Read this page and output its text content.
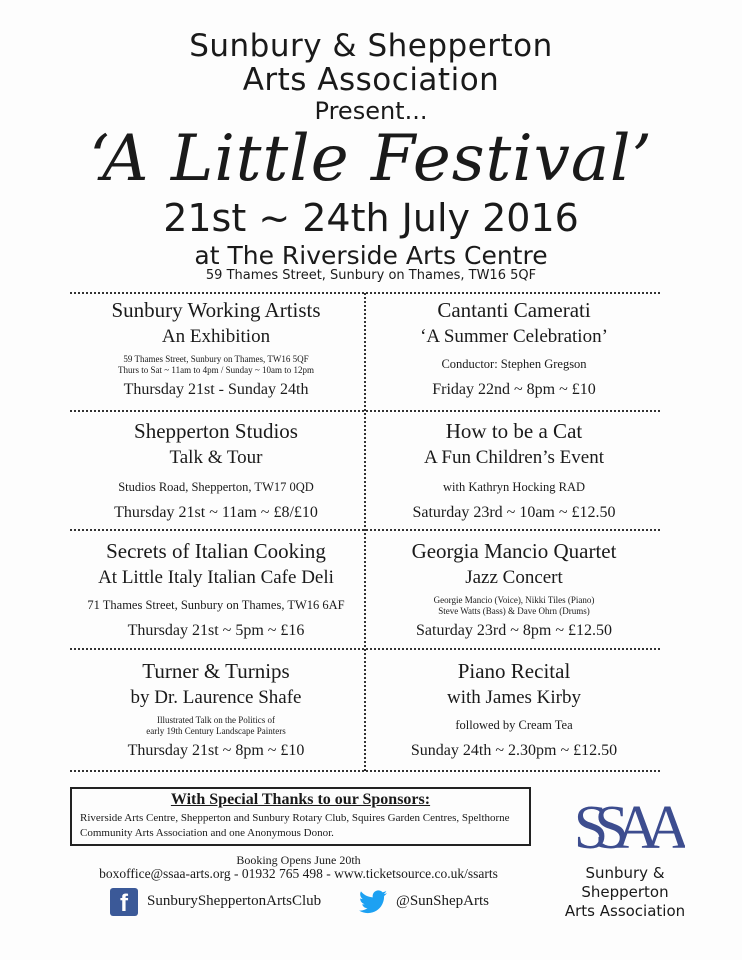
Sunbury & Shepperton
Arts Association
Present...
‘A Little Festival’
21st ~ 24th July 2016
at The Riverside Arts Centre
59 Thames Street, Sunbury on Thames, TW16 5QF
Sunbury Working Artists
An Exhibition
59 Thames Street, Sunbury on Thames, TW16 5QF
Thurs to Sat ~ 11am to 4pm / Sunday ~ 10am to 12pm
Thursday 21st - Sunday 24th
Cantanti Camerati
‘A Summer Celebration’
Conductor: Stephen Gregson
Friday 22nd ~ 8pm ~ £10
Shepperton Studios
Talk & Tour
Studios Road, Shepperton, TW17 0QD
Thursday 21st ~ 11am ~ £8/£10
How to be a Cat
A Fun Children’s Event
with Kathryn Hocking RAD
Saturday 23rd ~ 10am ~ £12.50
Secrets of Italian Cooking
At Little Italy Italian Cafe Deli
71 Thames Street, Sunbury on Thames, TW16 6AF
Thursday 21st ~ 5pm ~ £16
Georgia Mancio Quartet
Jazz Concert
Georgie Mancio (Voice), Nikki Tiles (Piano)
Steve Watts (Bass) & Dave Ohrn (Drums)
Saturday 23rd ~ 8pm ~ £12.50
Turner & Turnips
by Dr. Laurence Shafe
Illustrated Talk on the Politics of
early 19th Century Landscape Painters
Thursday 21st ~ 8pm ~ £10
Piano Recital
with James Kirby
followed by Cream Tea
Sunday 24th ~ 2.30pm ~ £12.50
With Special Thanks to our Sponsors:
Riverside Arts Centre, Shepperton and Sunbury Rotary Club, Squires Garden Centres, Spelthorne Community Arts Association and one Anonymous Donor.
Booking Opens June 20th
boxoffice@ssaa-arts.org - 01932 765 498 - www.ticketsource.co.uk/ssarts
f	SunburySheppertonArtsClub	@SunShepArts
SSAA
Sunbury &
Shepperton
Arts Association
